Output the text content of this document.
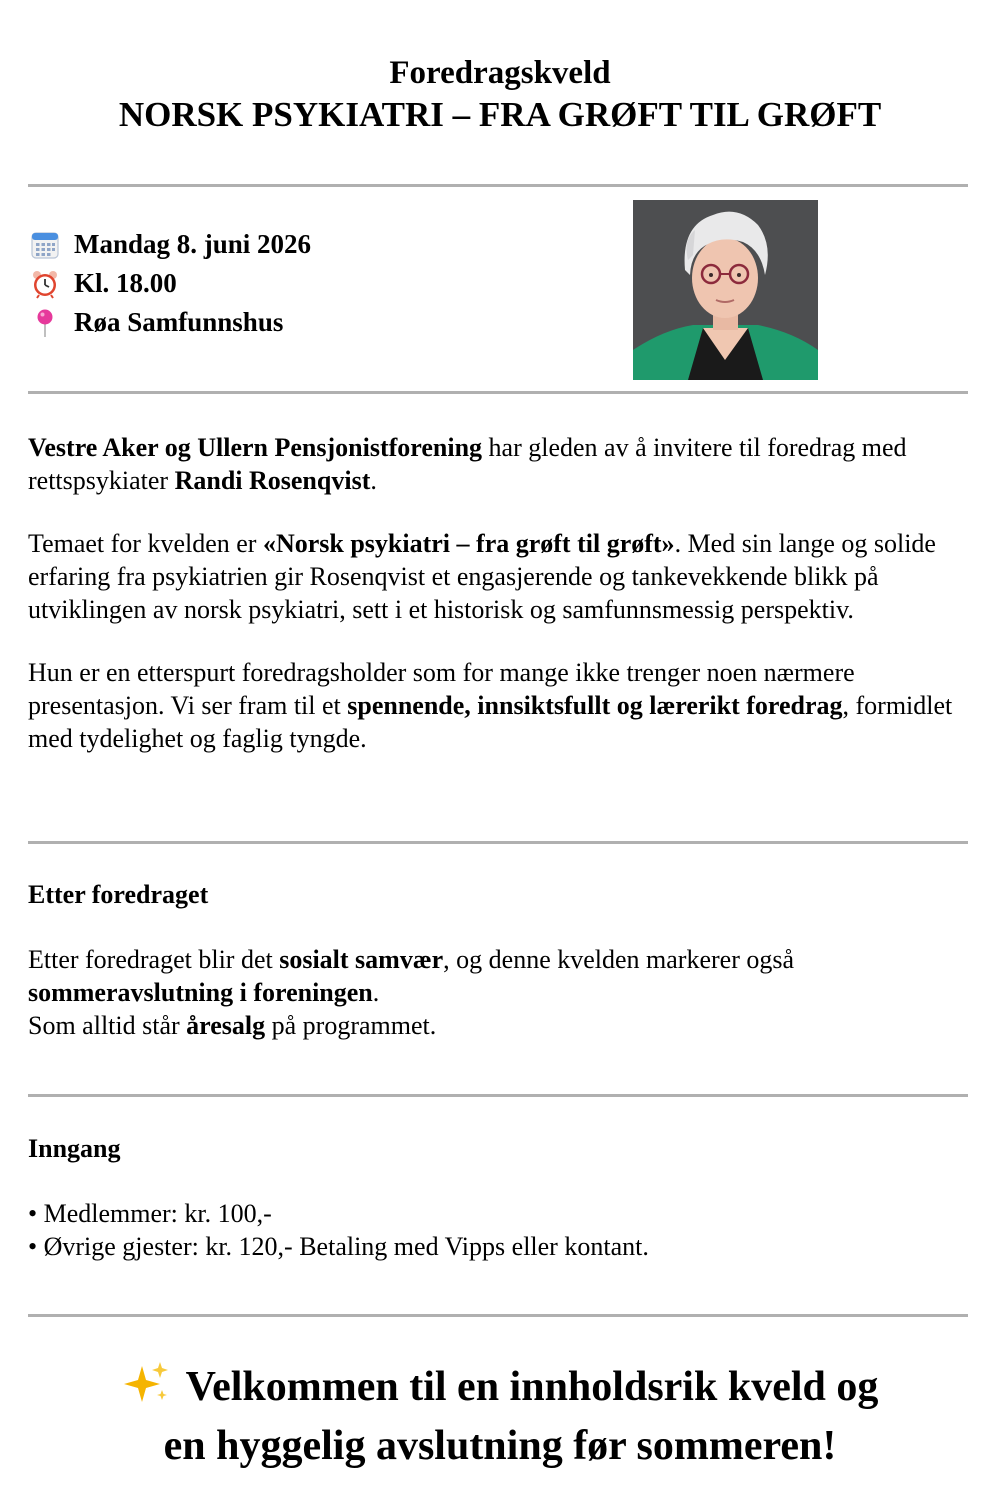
Foredragskveld
NORSK PSYKIATRI – FRA GRØFT TIL GRØFT
Mandag 8. juni 2026
Kl. 18.00
Røa Samfunnshus

Vestre Aker og Ullern Pensjonistforening har gleden av å invitere til foredrag med rettspsykiater Randi Rosenqvist.

Temaet for kvelden er «Norsk psykiatri – fra grøft til grøft». Med sin lange og solide erfaring fra psykiatrien gir Rosenqvist et engasjerende og tankevekkende blikk på utviklingen av norsk psykiatri, sett i et historisk og samfunnsmessig perspektiv.

Hun er en etterspurt foredragsholder som for mange ikke trenger noen nærmere presentasjon. Vi ser fram til et spennende, innsiktsfullt og lærerikt foredrag, formidlet med tydelighet og faglig tyngde.

Etter foredraget
Etter foredraget blir det sosialt samvær, og denne kvelden markerer også
sommeravslutning i foreningen.
Som alltid står åresalg på programmet.
Inngang
• Medlemmer: kr. 100,-
• Øvrige gjester: kr. 120,- Betaling med Vipps eller kontant.
Velkommen til en innholdsrik kveld og
en hyggelig avslutning før sommeren!
